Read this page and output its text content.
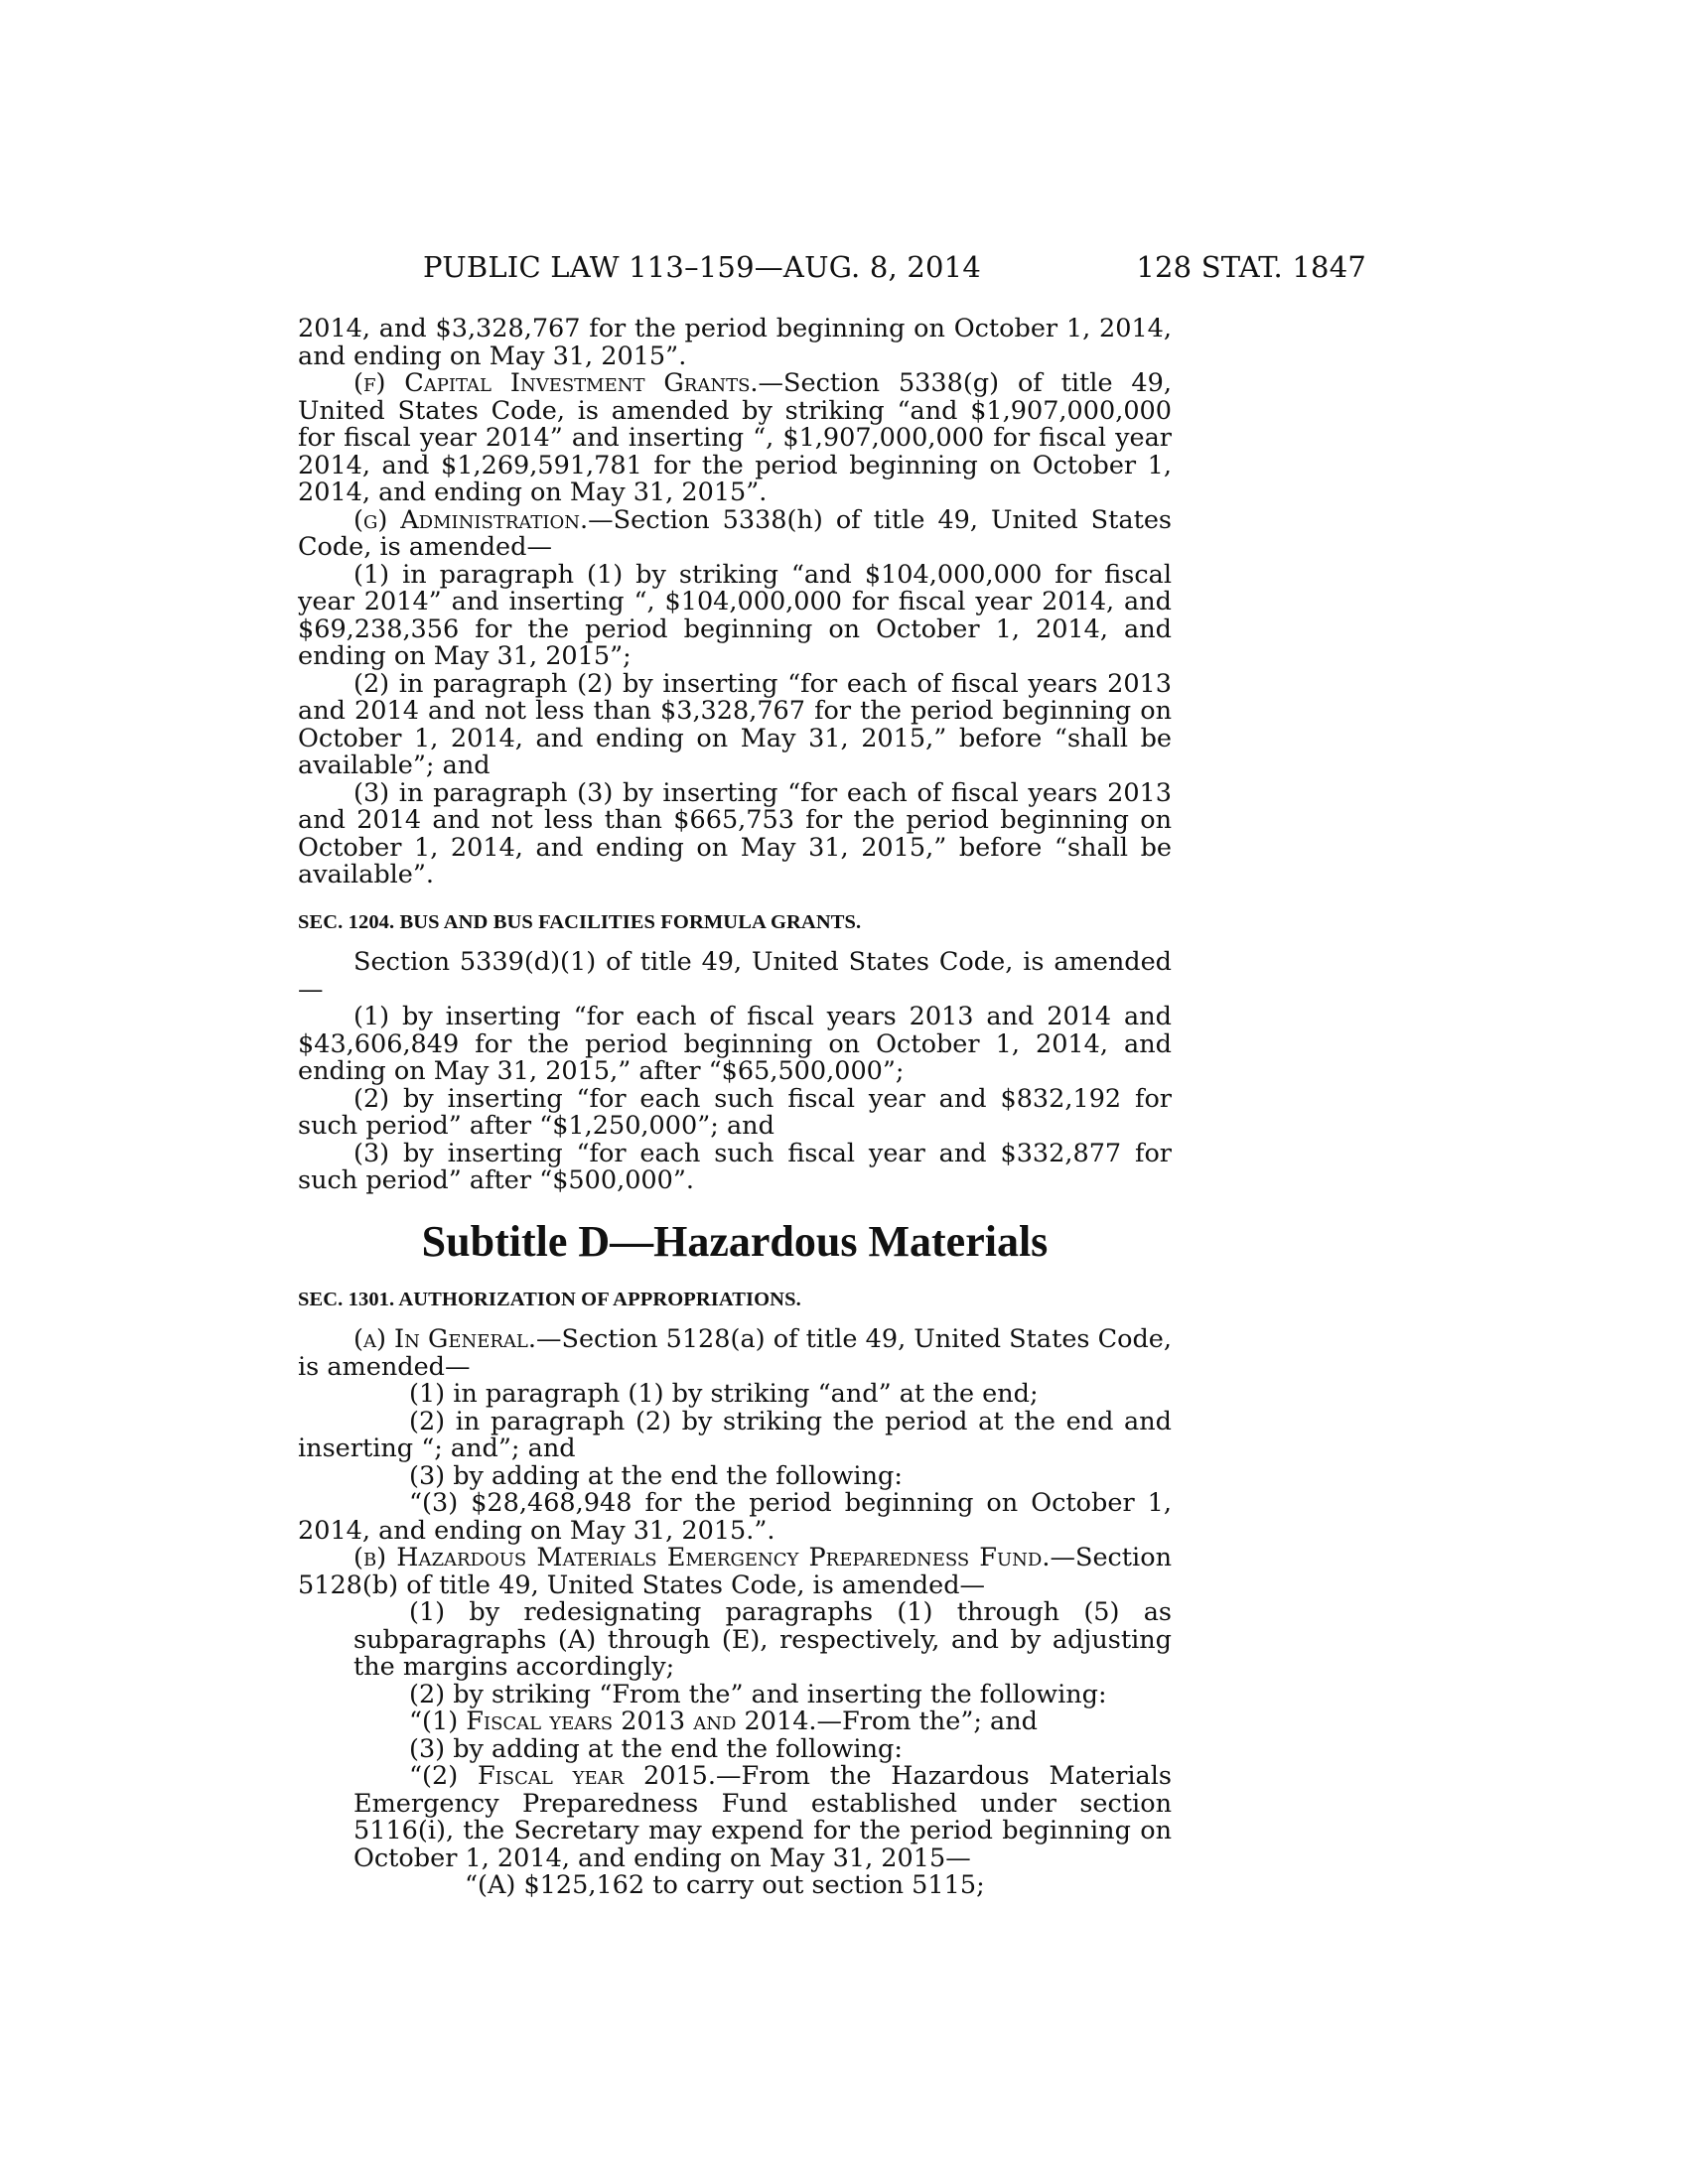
PUBLIC LAW 113–159—AUG. 8, 2014	128 STAT. 1847

2014, and $3,328,767 for the period beginning on October 1, 2014, and ending on May 31, 2015”.

(f) Capital Investment Grants.—Section 5338(g) of title 49, United States Code, is amended by striking “and $1,907,000,000 for fiscal year 2014” and inserting “, $1,907,000,000 for fiscal year 2014, and $1,269,591,781 for the period beginning on October 1, 2014, and ending on May 31, 2015”.

(g) Administration.—Section 5338(h) of title 49, United States Code, is amended—

(1) in paragraph (1) by striking “and $104,000,000 for fiscal year 2014” and inserting “, $104,000,000 for fiscal year 2014, and $69,238,356 for the period beginning on October 1, 2014, and ending on May 31, 2015”;

(2) in paragraph (2) by inserting “for each of fiscal years 2013 and 2014 and not less than $3,328,767 for the period beginning on October 1, 2014, and ending on May 31, 2015,” before “shall be available”; and

(3) in paragraph (3) by inserting “for each of fiscal years 2013 and 2014 and not less than $665,753 for the period beginning on October 1, 2014, and ending on May 31, 2015,” before “shall be available”.

SEC. 1204. BUS AND BUS FACILITIES FORMULA GRANTS.

Section 5339(d)(1) of title 49, United States Code, is amended—

(1) by inserting “for each of fiscal years 2013 and 2014 and $43,606,849 for the period beginning on October 1, 2014, and ending on May 31, 2015,” after “$65,500,000”;

(2) by inserting “for each such fiscal year and $832,192 for such period” after “$1,250,000”; and

(3) by inserting “for each such fiscal year and $332,877 for such period” after “$500,000”.

Subtitle D—Hazardous Materials
SEC. 1301. AUTHORIZATION OF APPROPRIATIONS.

(a) In General.—Section 5128(a) of title 49, United States Code, is amended—

(1) in paragraph (1) by striking “and” at the end;

(2) in paragraph (2) by striking the period at the end and inserting “; and”; and

(3) by adding at the end the following:

“(3) $28,468,948 for the period beginning on October 1, 2014, and ending on May 31, 2015.”.

(b) Hazardous Materials Emergency Preparedness Fund.—Section 5128(b) of title 49, United States Code, is amended—

(1) by redesignating paragraphs (1) through (5) as subparagraphs (A) through (E), respectively, and by adjusting the margins accordingly;

(2) by striking “From the” and inserting the following:

“(1) Fiscal years 2013 and 2014.—From the”; and

(3) by adding at the end the following:

“(2) Fiscal year 2015.—From the Hazardous Materials Emergency Preparedness Fund established under section 5116(i), the Secretary may expend for the period beginning on October 1, 2014, and ending on May 31, 2015—

“(A) $125,162 to carry out section 5115;
